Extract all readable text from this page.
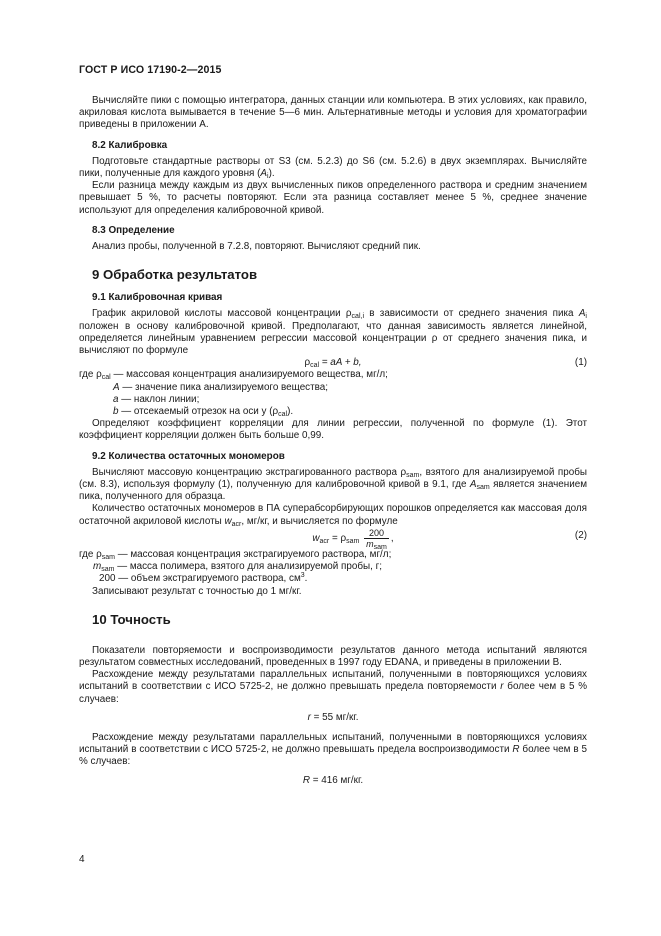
ГОСТ Р ИСО 17190-2—2015

Вычисляйте пики с помощью интегратора, данных станции или компьютера. В этих условиях, как правило, акриловая кислота вымывается в течение 5—6 мин. Альтернативные методы и условия для хроматографии приведены в приложении А.

8.2 Калибровка

Подготовьте стандартные растворы от S3 (см. 5.2.3) до S6 (см. 5.2.6) в двух экземплярах. Вычисляйте пики, полученные для каждого уровня $(A_i)$.

Если разница между каждым из двух вычисленных пиков определенного раствора и средним значением превышает 5 %, то расчеты повторяют. Если эта разница составляет менее 5 %, среднее значение используют для определения калибровочной кривой.

8.3 Определение

Анализ пробы, полученной в 7.2.8, повторяют. Вычисляют средний пик.

9 Обработка результатов
9.1 Калибровочная кривая

График акриловой кислоты массовой концентрации $\rho_{cal,i}$ в зависимости от среднего значения пика $A_i$ положен в основу калибровочной кривой. Предполагают, что данная зависимость является линейной, определяется линейным уравнением регрессии массовой концентрации ρ от среднего значения пика, и вычисляют по формуле

$\rho_{cal}$ = aA + b,	(1)
где $\rho_{cal}$ — массовая концентрация анализируемого вещества, мг/л;
A — значение пика анализируемого вещества;
a — наклон линии;
b — отсекаемый отрезок на оси y $(\rho_{cal})$.

Определяют коэффициент корреляции для линии регрессии, полученной по формуле (1). Этот коэффициент корреляции должен быть больше 0,99.

9.2 Количества остаточных мономеров

Вычисляют массовую концентрацию экстрагированного раствора $\rho_{sam}$, взятого для анализируемой пробы (см. 8.3), используя формулу (1), полученную для калибровочной кривой в 9.1, где $A_{sam}$ является значением пика, полученного для образца.

Количество остаточных мономеров в ПА суперабсорбирующих порошков определяется как массовая доля остаточной акриловой кислоты $w_{acr}$, мг/кг, и вычисляется по формуле

$w_{acr} = \rho_{sam} \frac{200}{m_{sam}}$ ,	(2)
где $\rho_{sam}$ — массовая концентрация экстрагируемого раствора, мг/л;
$m_{sam}$ — масса полимера, взятого для анализируемой пробы, г;
200 — объем экстрагируемого раствора, $см^3$.

Записывают результат с точностью до 1 мг/кг.

10 Точность

Показатели повторяемости и воспроизводимости результатов данного метода испытаний являются результатом совместных исследований, проведенных в 1997 году EDANA, и приведены в приложении В.

Расхождение между результатами параллельных испытаний, полученными в повторяющихся условиях испытаний в соответствии с ИСО 5725-2, не должно превышать предела повторяемости r более чем в 5 % случаев:

r = 55 мг/кг.

Расхождение между результатами параллельных испытаний, полученными в повторяющихся условиях испытаний в соответствии с ИСО 5725-2, не должно превышать предела воспроизводимости R более чем в 5 % случаев:

R = 416 мг/кг.
4
